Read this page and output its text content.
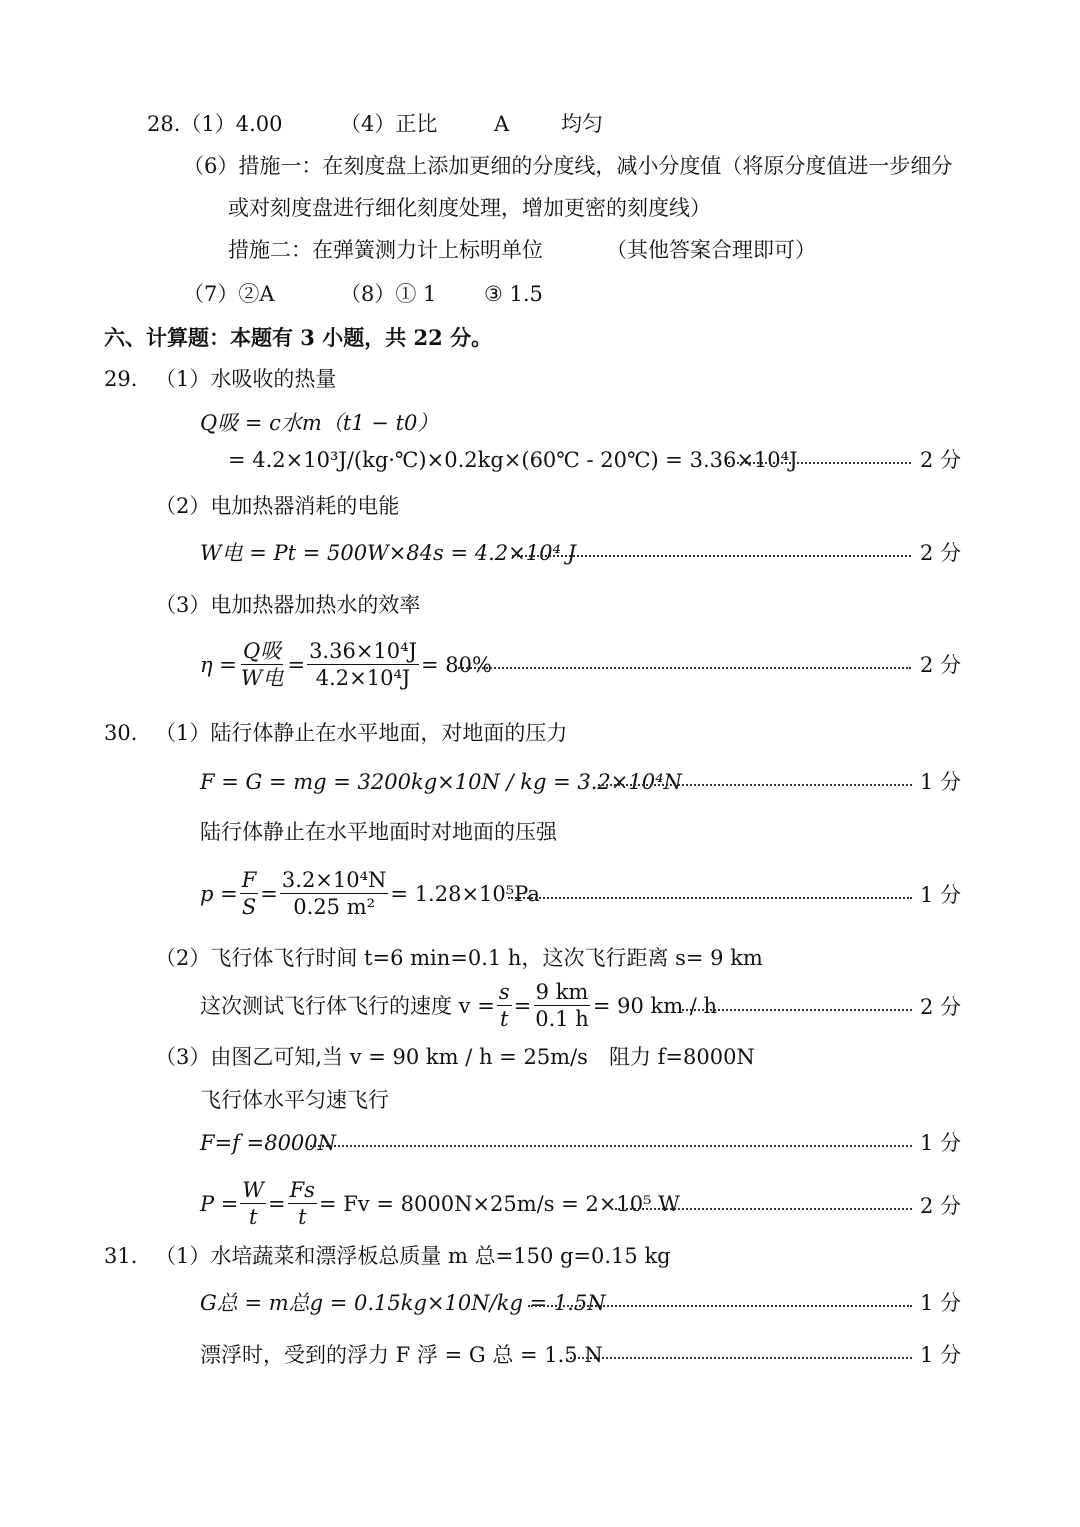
28.（1）4.00	（4）正比	A 均匀
（6）措施一：在刻度盘上添加更细的分度线，减小分度值（将原分度值进一步细分
或对刻度盘进行细化刻度处理，增加更密的刻度线）
措施二：在弹簧测力计上标明单位	（其他答案合理即可）
（7）②A	（8）① 1 ③ 1.5
六、计算题：本题有 3 小题，共 22 分。
29. （1）水吸收的热量
Q吸 = c水m（t1 − t0）
= 4.2×10³J/(kg·℃)×0.2kg×(60℃ - 20℃) = 3.36×10⁴J	2 分
（2）电加热器消耗的电能
W电 = Pt = 500W×84s = 4.2×10⁴ J	2 分
（3）电加热器加热水的效率
$\eta = \frac{\text{Q吸}}{\text{W电}} = \frac{\text{3.36×10⁴J}}{\text{4.2×10⁴J}} = 80\%$	2 分
30. （1）陆行体静止在水平地面，对地面的压力
F = G = mg = 3200kg×10N / kg = 3.2×10⁴N	1 分
陆行体静止在水平地面时对地面的压强
$p = \frac{F}{S} = \frac{\text{3.2×10⁴N}}{\text{0.25 m²}} = 1.28\times 10^5Pa$	1 分
（2）飞行体飞行时间 t=6 min=0.1 h，这次飞行距离 s= 9 km
这次测试飞行体飞行的速度 $v = \frac{s}{t} = \frac{9 km}{0.1 h} = 90$ km / h	2 分
（3）由图乙可知,当 v = 90 km / h = 25m/s　阻力 f=8000N
飞行体水平匀速飞行
F=f =8000N	1 分
$P = \frac{W}{t} = \frac{Fs}{t} = Fv = 8000N\times 25m/s = 2\times 10^5$ W	2 分
31. （1）水培蔬菜和漂浮板总质量 m 总=150 g=0.15 kg
G总 = m总g = 0.15kg×10N/kg = 1.5N	1 分
漂浮时，受到的浮力 F 浮 = G 总 = 1.5 N	1 分
